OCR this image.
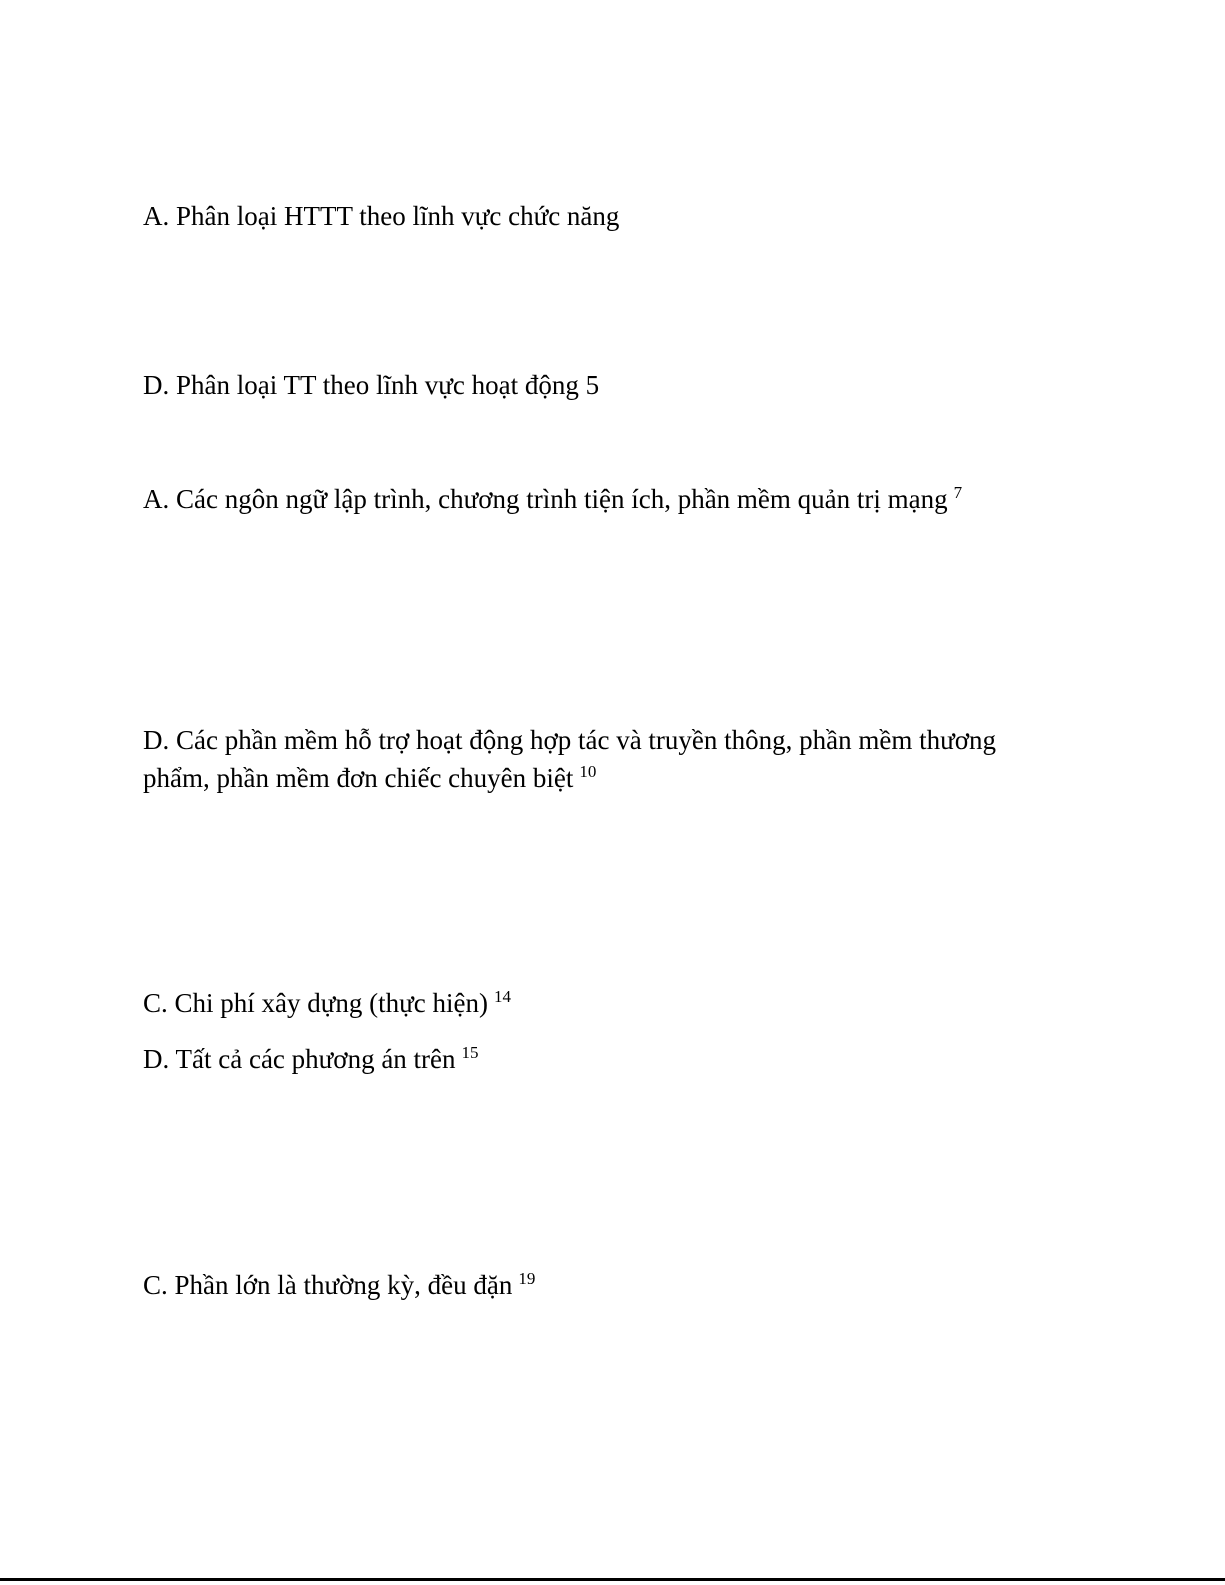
A. Phân loại HTTT theo lĩnh vực chức năng
D. Phân loại TT theo lĩnh vực hoạt động 5
A. Các ngôn ngữ lập trình, chương trình tiện ích, phần mềm quản trị mạng $^7$
D. Các phần mềm hỗ trợ hoạt động hợp tác và truyền thông, phần mềm thương phẩm, phần mềm đơn chiếc chuyên biệt $^{10}$
C. Chi phí xây dựng (thực hiện) $^{14}$
D. Tất cả các phương án trên $^{15}$
C. Phần lớn là thường kỳ, đều đặn $^{19}$
